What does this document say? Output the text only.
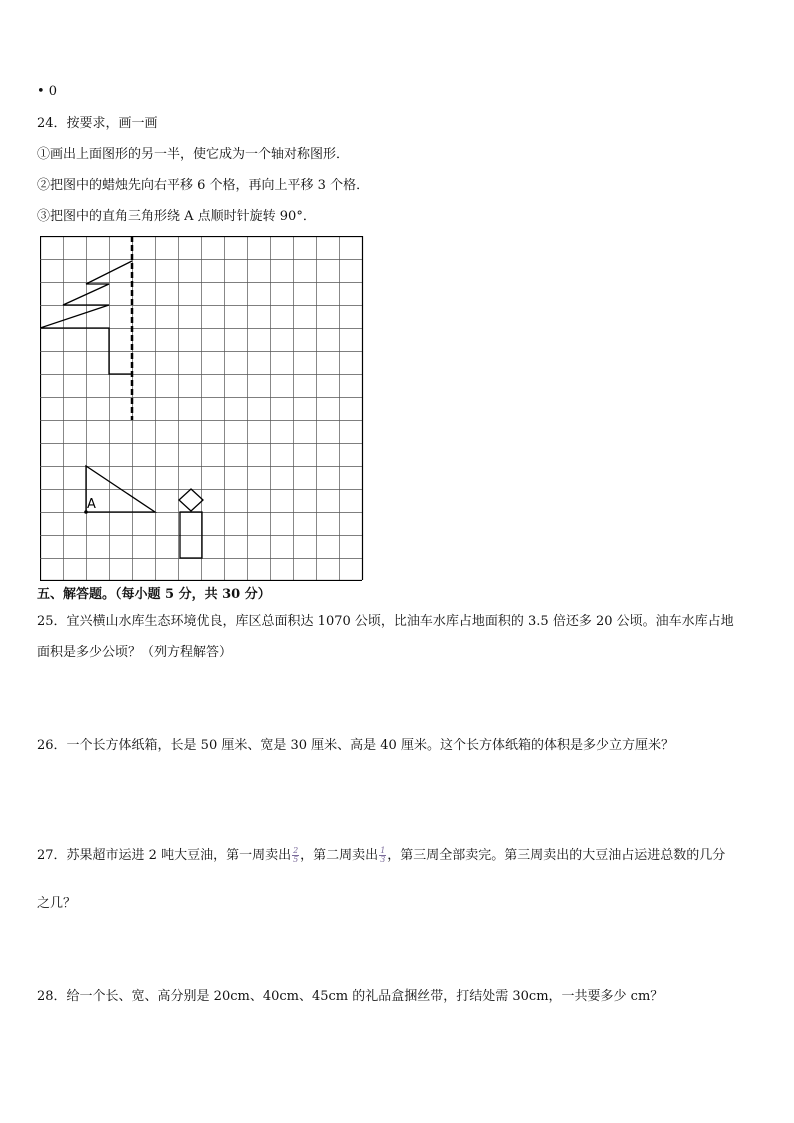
• 0
24．按要求，画一画
①画出上面图形的另一半，使它成为一个轴对称图形．
②把图中的蜡烛先向右平移 6 个格，再向上平移 3 个格．
③把图中的直角三角形绕 A 点顺时针旋转 90°．
A
五、解答题。（每小题 5 分，共 30 分）
25．宜兴横山水库生态环境优良，库区总面积达 1070 公顷，比油车水库占地面积的 3.5 倍还多 20 公顷。油车水库占地
面积是多少公顷？（列方程解答）
26．一个长方体纸箱，长是 50 厘米、宽是 30 厘米、高是 40 厘米。这个长方体纸箱的体积是多少立方厘米？
27．苏果超市运进 2 吨大豆油，第一周卖出 $\frac{2}{5}$ ，第二周卖出 $\frac{1}{3}$ ，第三周全部卖完。第三周卖出的大豆油占运进总数的几分
之几？
28．给一个长、宽、高分别是 20cm、40cm、45cm 的礼品盒捆丝带，打结处需 30cm，一共要多少 cm？
